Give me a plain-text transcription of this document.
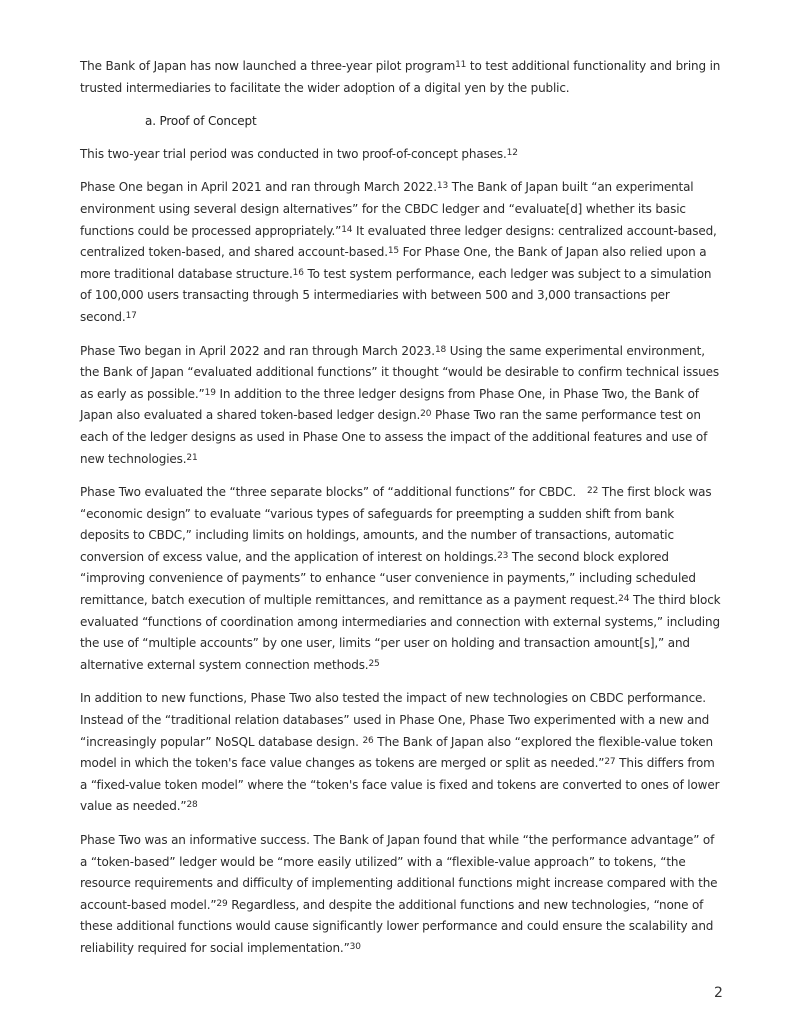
The Bank of Japan has now launched a three-year pilot program$^{11}$ to test additional functionality and bring in trusted intermediaries to facilitate the wider adoption of a digital yen by the public.

a. Proof of Concept

This two-year trial period was conducted in two proof-of-concept phases.$^{12}$

Phase One began in April 2021 and ran through March 2022.13 The Bank of Japan built “an experimental environment using several design alternatives” for the CBDC ledger and “evaluate[d] whether its basic functions could be processed appropriately.”$^{14}$ It evaluated three ledger designs: centralized account-based, centralized token-based, and shared account-based.$^{15}$ For Phase One, the Bank of Japan also relied upon a more traditional database structure.$^{16}$ To test system performance, each ledger was subject to a simulation of 100,000 users transacting through 5 intermediaries with between 500 and 3,000 transactions per second.$^{17}$

Phase Two began in April 2022 and ran through March 2023.18 Using the same experimental environment, the Bank of Japan “evaluated additional functions” it thought “would be desirable to confirm technical issues as early as possible.”$^{19}$ In addition to the three ledger designs from Phase One, in Phase Two, the Bank of Japan also evaluated a shared token-based ledger design.$^{20}$ Phase Two ran the same performance test on each of the ledger designs as used in Phase One to assess the impact of the additional features and use of new technologies.$^{21}$

Phase Two evaluated the “three separate blocks” of “additional functions” for CBDC.   $^{22}$ The first block was “economic design” to evaluate “various types of safeguards for preempting a sudden shift from bank deposits to CBDC,” including limits on holdings, amounts, and the number of transactions, automatic conversion of excess value, and the application of interest on holdings.$^{23}$ The second block explored “improving convenience of payments” to enhance “user convenience in payments,” including scheduled remittance, batch execution of multiple remittances, and remittance as a payment request.$^{24}$ The third block evaluated “functions of coordination among intermediaries and connection with external systems,” including the use of “multiple accounts” by one user, limits “per user on holding and transaction amount[s],” and alternative external system connection methods.$^{25}$

In addition to new functions, Phase Two also tested the impact of new technologies on CBDC performance. Instead of the “traditional relation databases” used in Phase One, Phase Two experimented with a new and “increasingly popular” NoSQL database design. $^{26}$ The Bank of Japan also “explored the flexible-value token model in which the token's face value changes as tokens are merged or split as needed.”$^{27}$ This differs from a “fixed-value token model” where the “token's face value is fixed and tokens are converted to ones of lower value as needed.”$^{28}$

Phase Two was an informative success. The Bank of Japan found that while “the performance advantage” of a “token-based” ledger would be “more easily utilized” with a “flexible-value approach” to tokens, “the resource requirements and difficulty of implementing additional functions might increase compared with the account-based model.”$^{29}$ Regardless, and despite the additional functions and new technologies, “none of these additional functions would cause significantly lower performance and could ensure the scalability and reliability required for social implementation.”$^{30}$

2
